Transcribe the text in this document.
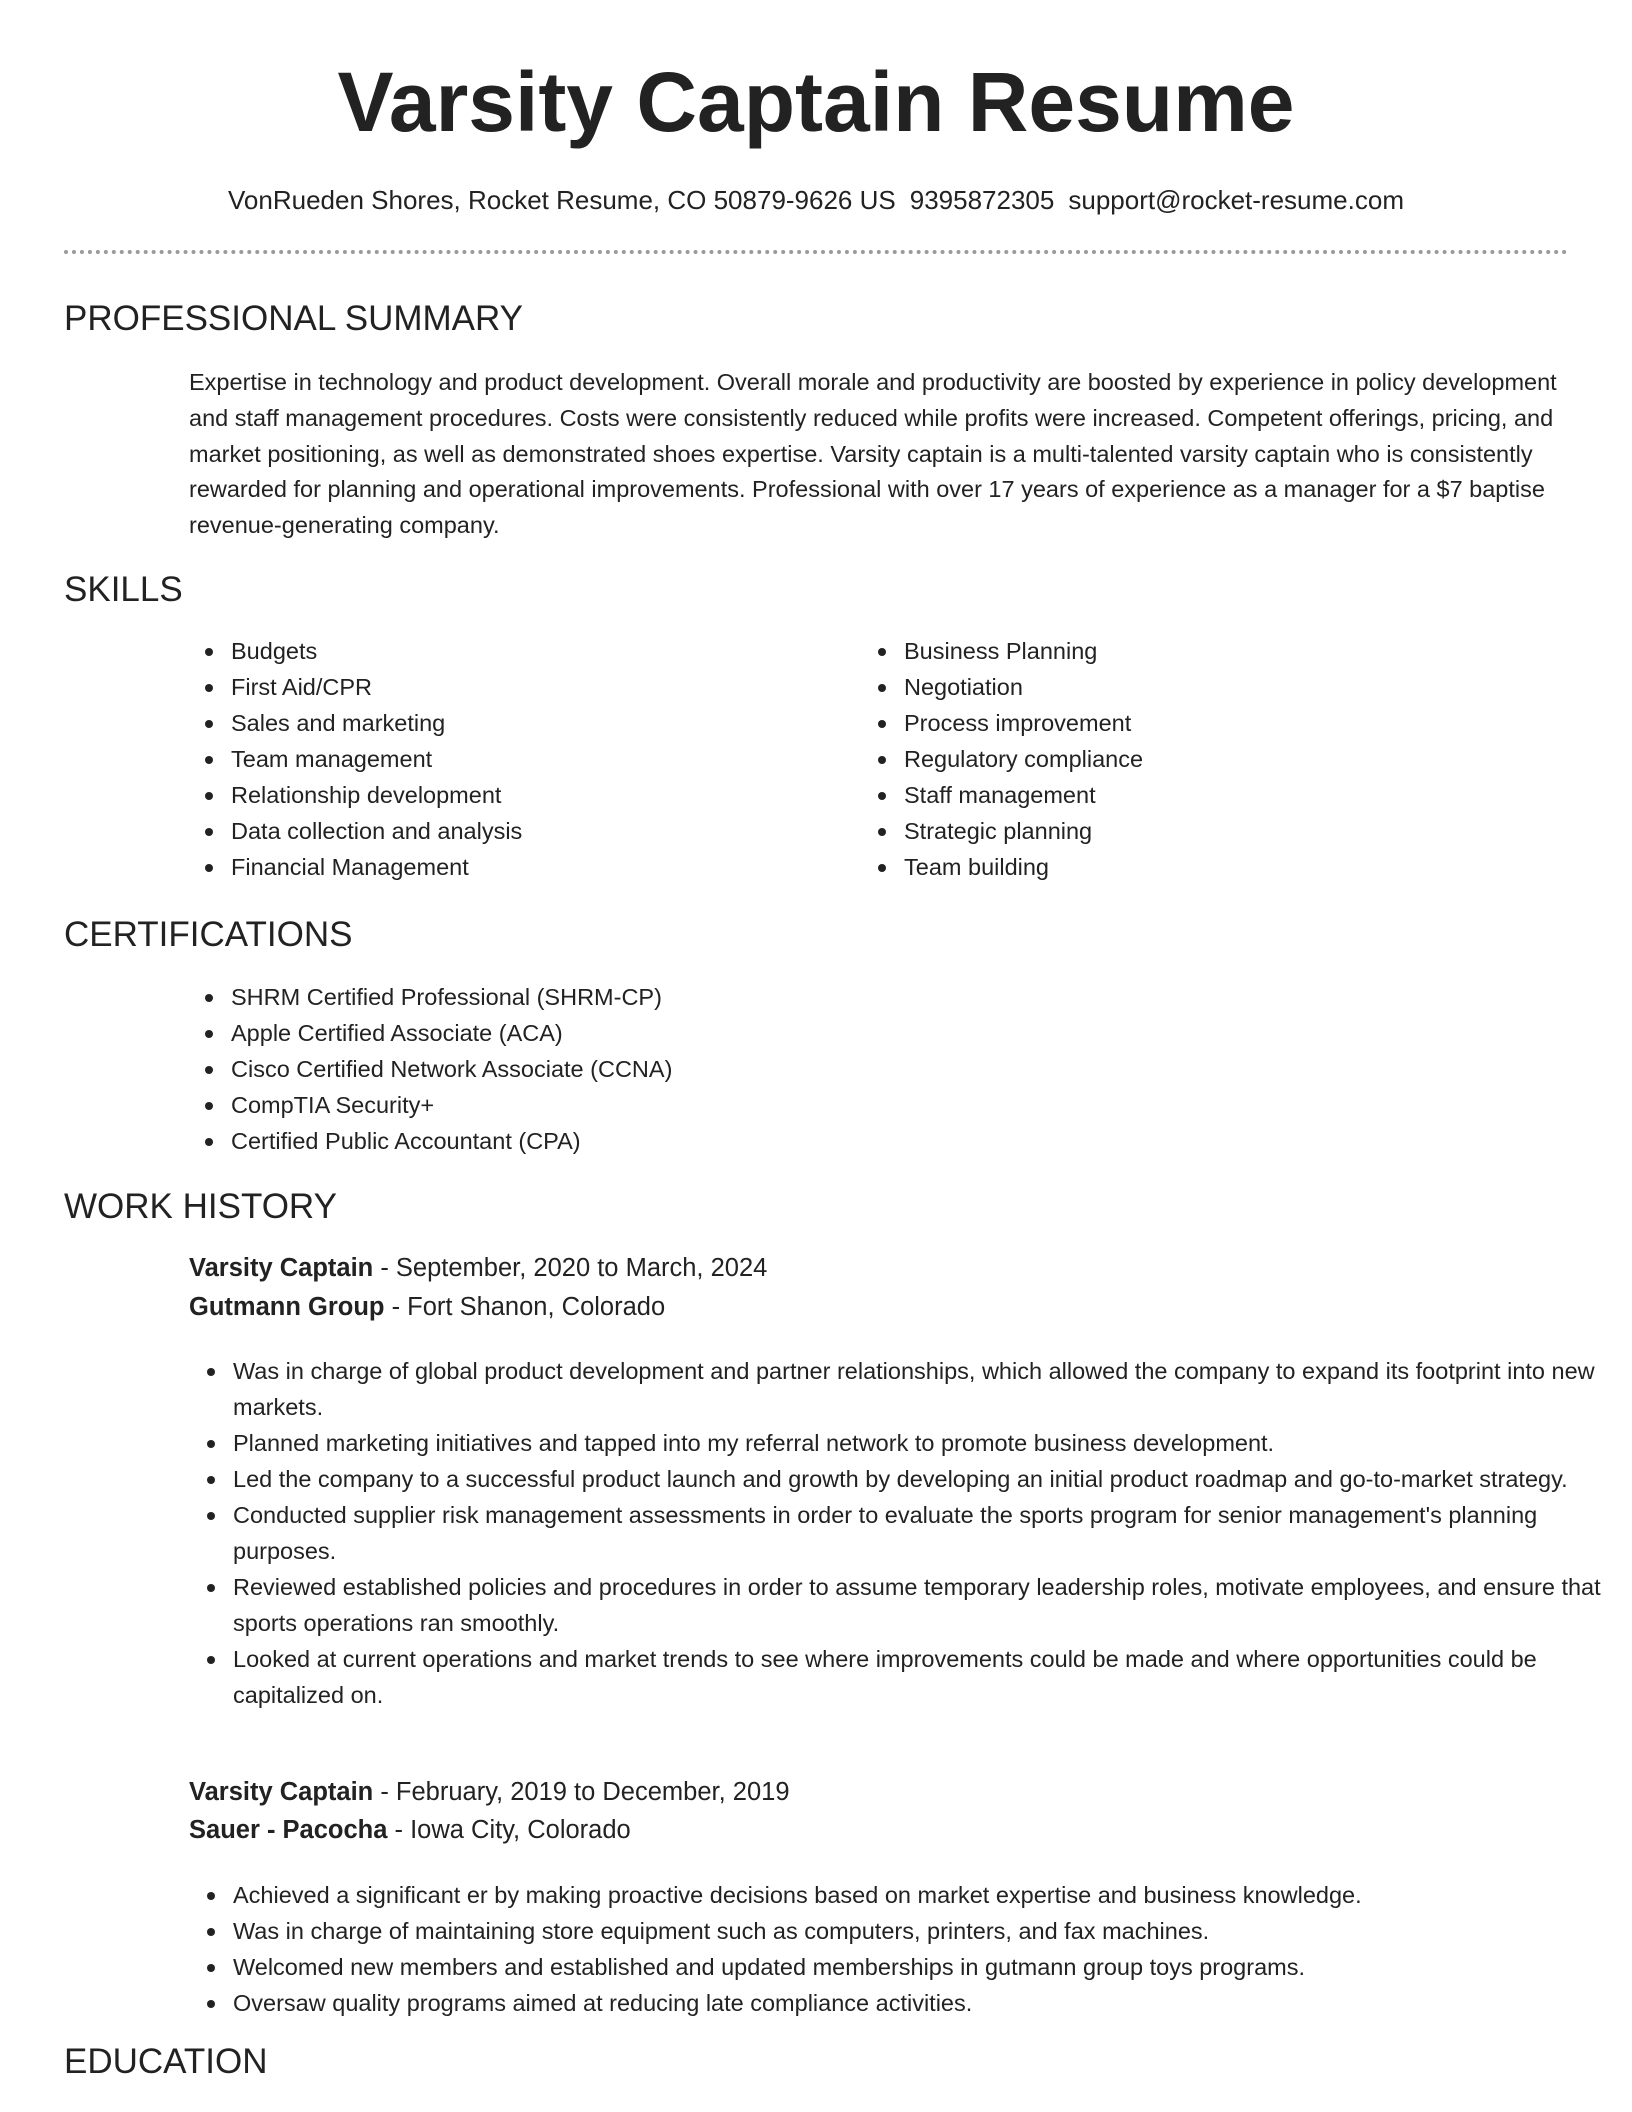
Varsity Captain Resume
VonRueden Shores, Rocket Resume, CO 50879-9626 US 9395872305 support@rocket-resume.com
PROFESSIONAL SUMMARY

Expertise in technology and product development. Overall morale and productivity are boosted by experience in policy development and staff management procedures. Costs were consistently reduced while profits were increased. Competent offerings, pricing, and market positioning, as well as demonstrated shoes expertise. Varsity captain is a multi-talented varsity captain who is consistently rewarded for planning and operational improvements. Professional with over 17 years of experience as a manager for a $7 baptise revenue-generating company.

SKILLS
Budgets
First Aid/CPR
Sales and marketing
Team management
Relationship development
Data collection and analysis
Financial Management
Business Planning
Negotiation
Process improvement
Regulatory compliance
Staff management
Strategic planning
Team building
CERTIFICATIONS
SHRM Certified Professional (SHRM-CP)
Apple Certified Associate (ACA)
Cisco Certified Network Associate (CCNA)
CompTIA Security+
Certified Public Accountant (CPA)
WORK HISTORY
Varsity Captain - September, 2020 to March, 2024
Gutmann Group - Fort Shanon, Colorado
Was in charge of global product development and partner relationships, which allowed the company to expand its footprint into new markets.
Planned marketing initiatives and tapped into my referral network to promote business development.
Led the company to a successful product launch and growth by developing an initial product roadmap and go-to-market strategy.
Conducted supplier risk management assessments in order to evaluate the sports program for senior management's planning purposes.
Reviewed established policies and procedures in order to assume temporary leadership roles, motivate employees, and ensure that sports operations ran smoothly.
Looked at current operations and market trends to see where improvements could be made and where opportunities could be capitalized on.
Varsity Captain - February, 2019 to December, 2019
Sauer - Pacocha - Iowa City, Colorado
Achieved a significant er by making proactive decisions based on market expertise and business knowledge.
Was in charge of maintaining store equipment such as computers, printers, and fax machines.
Welcomed new members and established and updated memberships in gutmann group toys programs.
Oversaw quality programs aimed at reducing late compliance activities.
EDUCATION
